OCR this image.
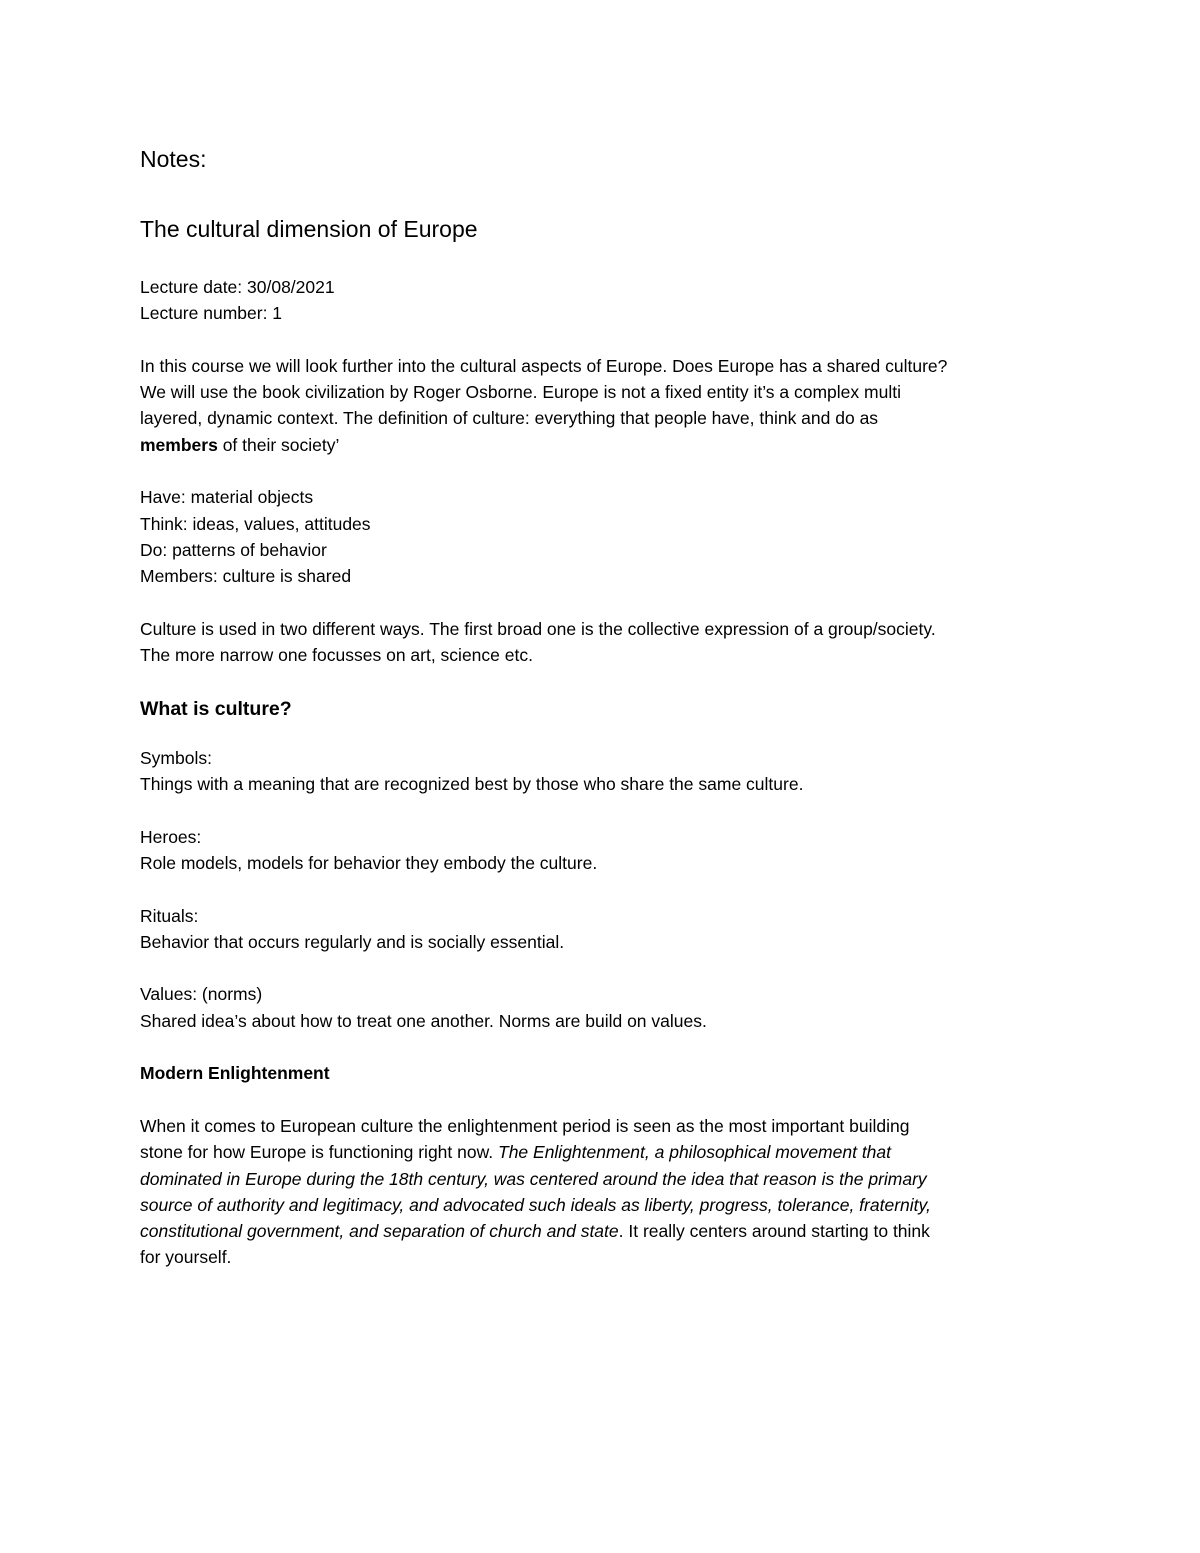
Notes:
The cultural dimension of Europe
Lecture date: 30/08/2021
Lecture number: 1
In this course we will look further into the cultural aspects of Europe. Does Europe has a shared culture?
We will use the book civilization by Roger Osborne. Europe is not a fixed entity it’s a complex multi
layered, dynamic context. The definition of culture: everything that people have, think and do as
members of their society’
Have: material objects
Think: ideas, values, attitudes
Do: patterns of behavior
Members: culture is shared
Culture is used in two different ways. The first broad one is the collective expression of a group/society.
The more narrow one focusses on art, science etc.
What is culture?
Symbols:
Things with a meaning that are recognized best by those who share the same culture.
Heroes:
Role models, models for behavior they embody the culture.
Rituals:
Behavior that occurs regularly and is socially essential.
Values: (norms)
Shared idea’s about how to treat one another. Norms are build on values.
Modern Enlightenment
When it comes to European culture the enlightenment period is seen as the most important building
stone for how Europe is functioning right now. The Enlightenment, a philosophical movement that
dominated in Europe during the 18th century, was centered around the idea that reason is the primary
source of authority and legitimacy, and advocated such ideals as liberty, progress, tolerance, fraternity,
constitutional government, and separation of church and state. It really centers around starting to think
for yourself.
